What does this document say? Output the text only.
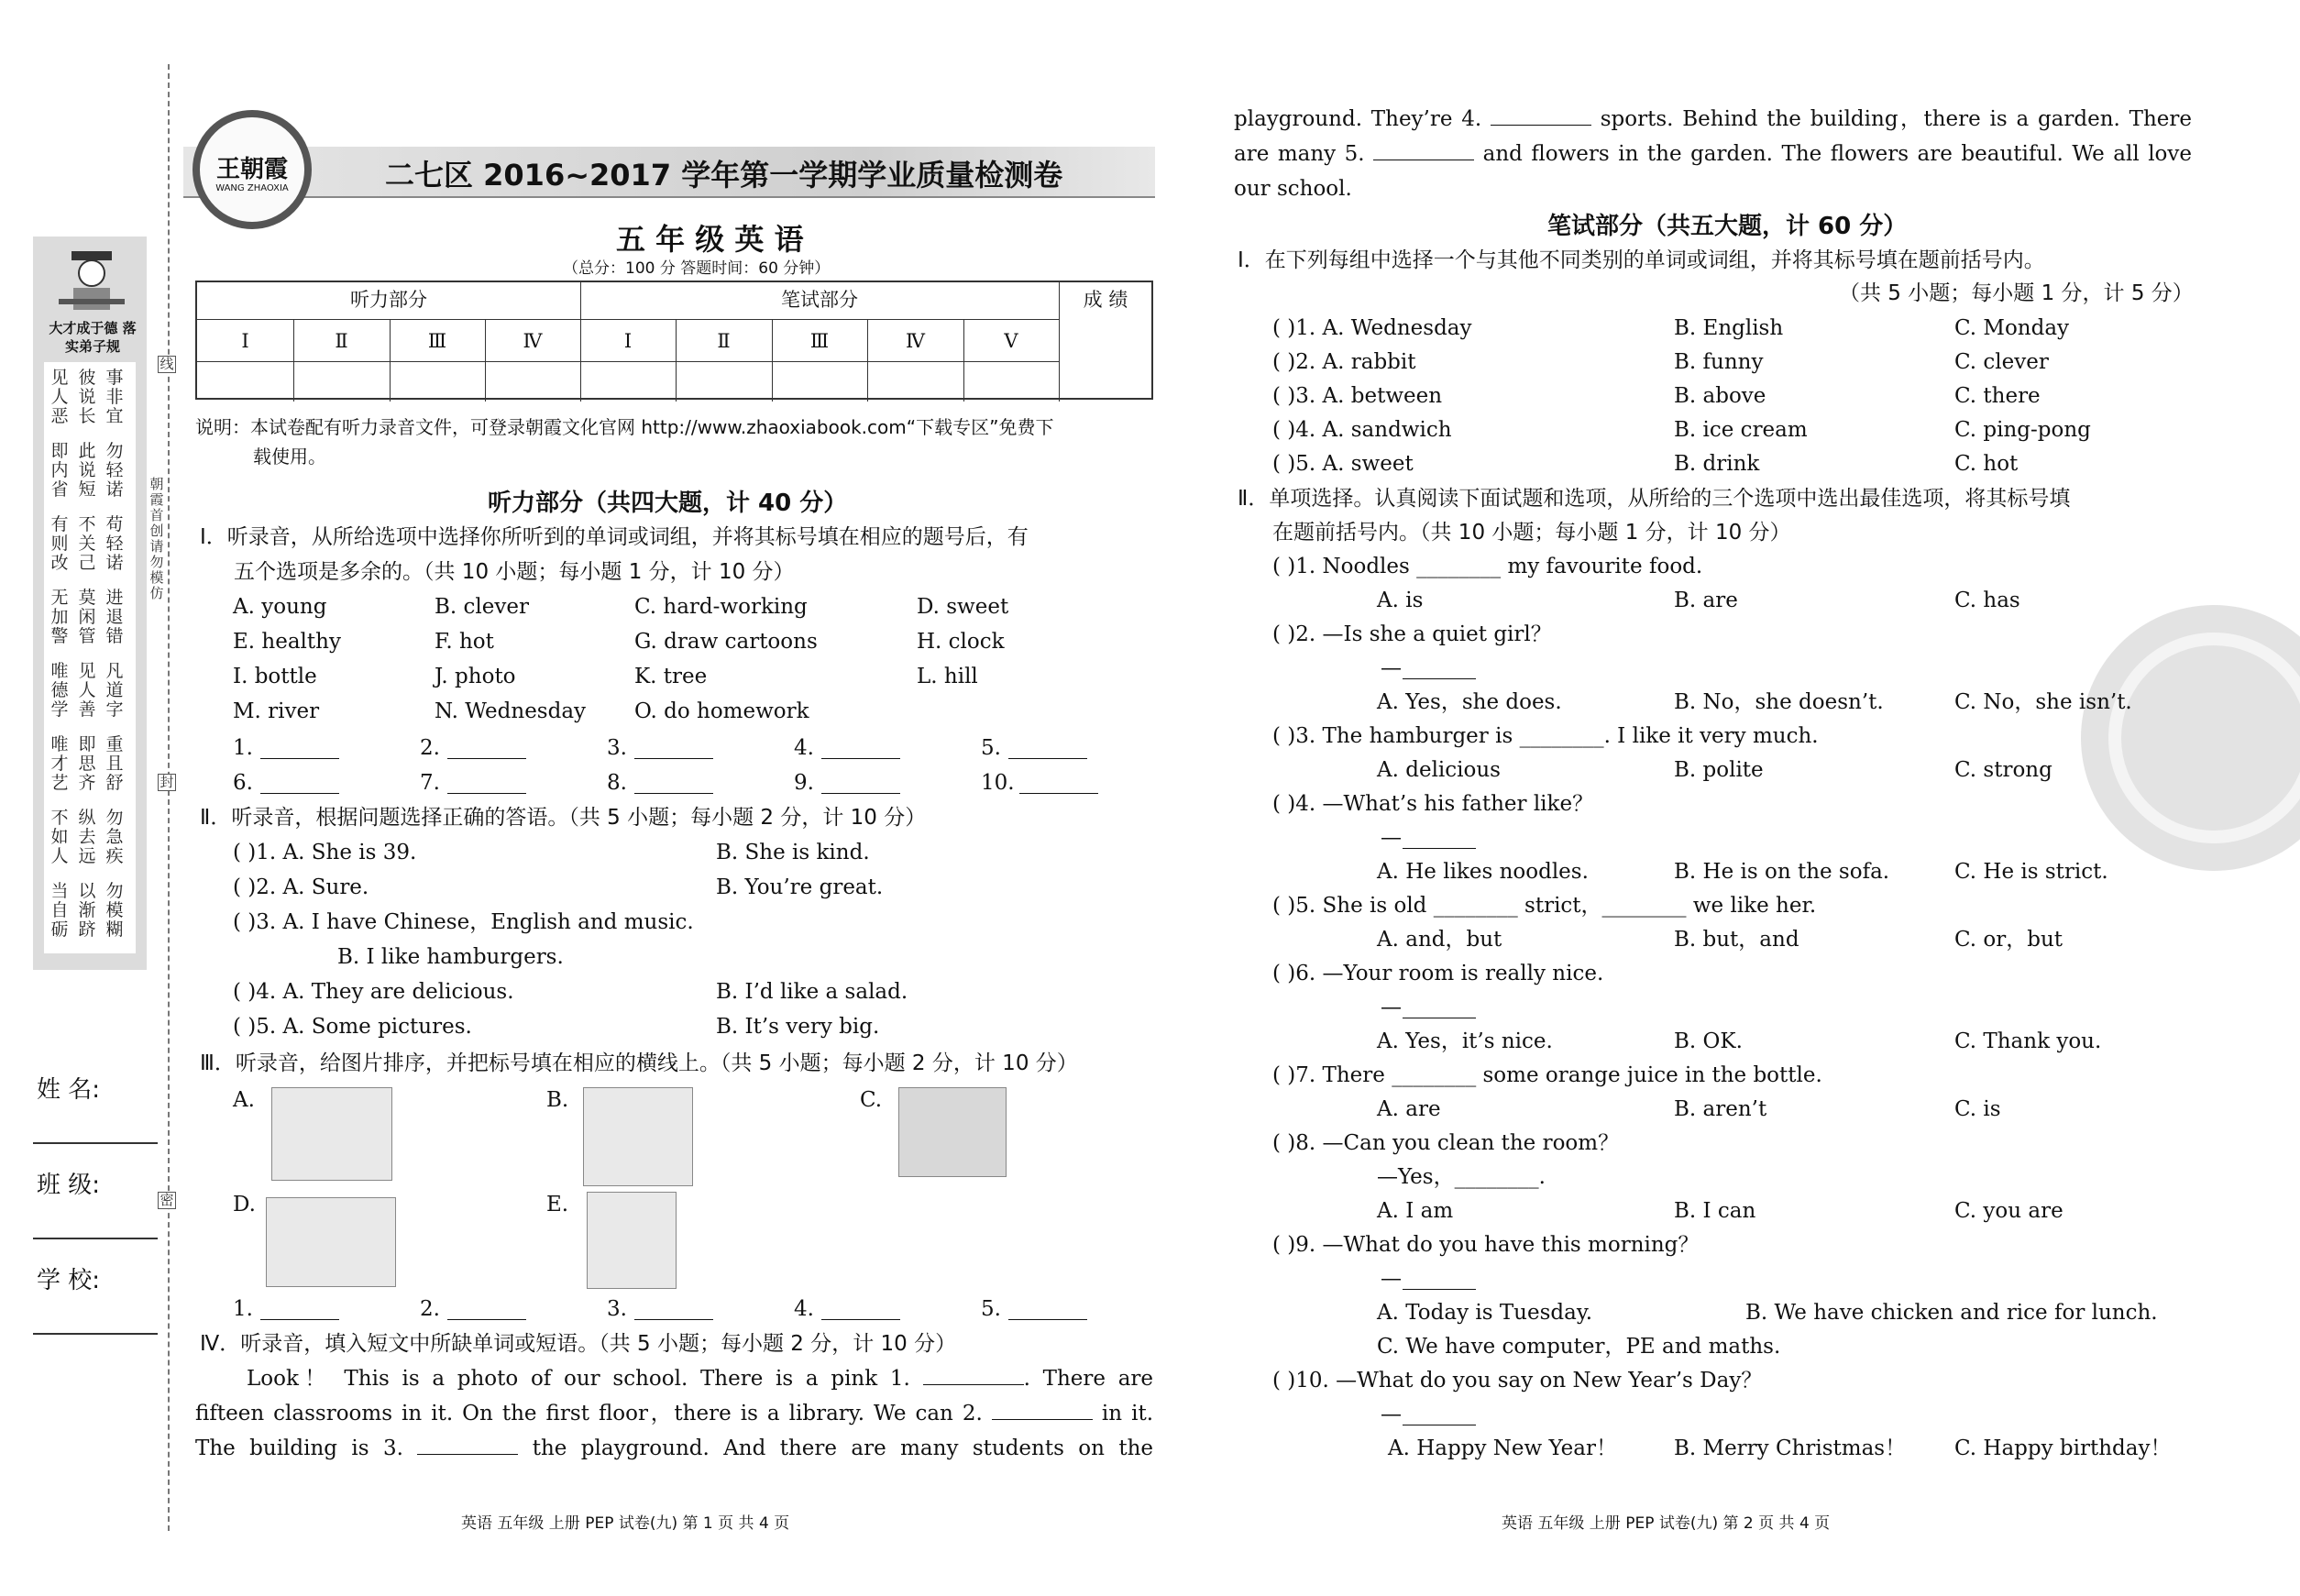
大才成于德 落实弟子规
见人恶
彼说长
事非宜
即内省
此说短
勿轻诺
有则改
不关己
苟轻诺
无加警
莫闲管
进退错
唯德学
见人善
凡道字
唯才艺
即思齐
重且舒
不如人
纵去远
勿急疾
当自砺
以渐跻
勿模糊
朝霞首创 请勿模仿
线
封
密
姓 名:
班 级:
学 校:
王朝霞
WANG ZHAOXIA	二七区 2016~2017 学年第一学期学业质量检测卷
五 年 级 英 语
（总分：100 分 答题时间：60 分钟）
听力部分	笔试部分	成 绩
Ⅰ	Ⅱ	Ⅲ	Ⅳ	Ⅰ	Ⅱ	Ⅲ	Ⅳ	Ⅴ
说明：本试卷配有听力录音文件，可登录朝霞文化官网 http://www.zhaoxiabook.com“下载专区”免费下
载使用。
听力部分（共四大题，计 40 分）
Ⅰ．听录音，从所给选项中选择你所听到的单词或词组，并将其标号填在相应的题号后，有
五个选项是多余的。（共 10 小题；每小题 1 分，计 10 分）
A. young	B. clever	C. hard-working	D. sweet
E. healthy	F. hot	G. draw cartoons	H. clock
I. bottle	J. photo	K. tree	L. hill
M. river	N. Wednesday O. do homework
1.	2.	3.	4.	5.
6.	7.	8.	9.	10.
Ⅱ．听录音，根据问题选择正确的答语。（共 5 小题；每小题 2 分，计 10 分）
( )1. A. She is 39.	B. She is kind.
( )2. A. Sure.	B. You’re great.
( )3. A. I have Chinese，English and music.
B. I like hamburgers.
( )4. A. They are delicious.	B. I’d like a salad.
( )5. A. Some pictures.	B. It’s very big.
Ⅲ．听录音，给图片排序，并把标号填在相应的横线上。（共 5 小题；每小题 2 分，计 10 分）
A.	B.	C.
D.	E.
1.	2.	3.	4.	5.
Ⅳ．听录音，填入短文中所缺单词或短语。（共 5 小题；每小题 2 分，计 10 分）
Look！ This is a photo of our school. There is a pink 1.	. There are
fifteen classrooms in it. On the first floor，there is a library. We can 2.	in it.
The building is 3.	the playground. And there are many students on the
英语 五年级 上册 PEP 试卷(九) 第 1 页 共 4 页
playground. They’re 4.	sports. Behind the building，there is a garden. There
are many 5.	and flowers in the garden. The flowers are beautiful. We all love
our school.
笔试部分（共五大题，计 60 分）
Ⅰ．在下列每组中选择一个与其他不同类别的单词或词组，并将其标号填在题前括号内。
（共 5 小题；每小题 1 分，计 5 分）
( )1. A. Wednesday	B. English	C. Monday
( )2. A. rabbit	B. funny	C. clever
( )3. A. between	B. above	C. there
( )4. A. sandwich	B. ice cream	C. ping-pong
( )5. A. sweet	B. drink	C. hot
Ⅱ．单项选择。认真阅读下面试题和选项，从所给的三个选项中选出最佳选项，将其标号填
在题前括号内。（共 10 小题；每小题 1 分，计 10 分）
( )1. Noodles ________ my favourite food.
A. is	B. are	C. has
( )2. —Is she a quiet girl？
—
A. Yes，she does.	B. No，she doesn’t.	C. No，she isn’t.
( )3. The hamburger is ________. I like it very much.
A. delicious	B. polite	C. strong
( )4. —What’s his father like？
—
A. He likes noodles.	B. He is on the sofa.	C. He is strict.
( )5. She is old ________ strict，________ we like her.
A. and，but	B. but，and	C. or，but
( )6. —Your room is really nice.
—
A. Yes，it’s nice.	B. OK.	C. Thank you.
( )7. There ________ some orange juice in the bottle.
A. are	B. aren’t	C. is
( )8. —Can you clean the room？
—Yes，________.
A. I am	B. I can	C. you are
( )9. —What do you have this morning？
—
A. Today is Tuesday.	B. We have chicken and rice for lunch.
C. We have computer，PE and maths.
( )10. —What do you say on New Year’s Day？
—
A. Happy New Year！	B. Merry Christmas！ C. Happy birthday！
英语 五年级 上册 PEP 试卷(九) 第 2 页 共 4 页
